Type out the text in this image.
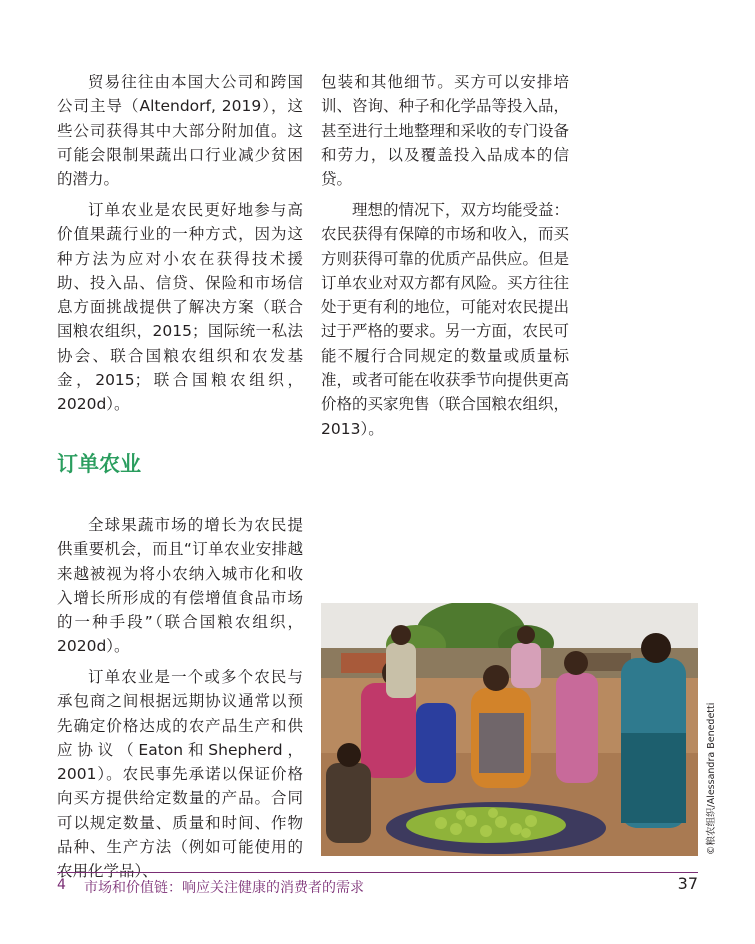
贸易往往由本国大公司和跨国公司主导（Altendorf, 2019），这些公司获得其中大部分附加值。这可能会限制果蔬出口行业减少贫困的潜力。

订单农业是农民更好地参与高价值果蔬行业的一种方式，因为这种方法为应对小农在获得技术援助、投入品、信贷、保险和市场信息方面挑战提供了解决方案（联合国粮农组织，2015；国际统一私法协会、联合国粮农组织和农发基金，2015；联合国粮农组织，2020d）。

包装和其他细节。买方可以安排培训、咨询、种子和化学品等投入品，甚至进行土地整理和采收的专门设备和劳力，以及覆盖投入品成本的信贷。

理想的情况下，双方均能受益：农民获得有保障的市场和收入，而买方则获得可靠的优质产品供应。但是订单农业对双方都有风险。买方往往处于更有利的地位，可能对农民提出过于严格的要求。另一方面，农民可能不履行合同规定的数量或质量标准，或者可能在收获季节向提供更高价格的买家兜售（联合国粮农组织，2013）。

订单农业

全球果蔬市场的增长为农民提供重要机会，而且“订单农业安排越来越被视为将小农纳入城市化和收入增长所形成的有偿增值食品市场的一种手段”（联合国粮农组织，2020d）。

订单农业是一个或多个农民与承包商之间根据远期协议通常以预先确定价格达成的农产品生产和供应协议（Eaton和Shepherd，2001）。农民事先承诺以保证价格向买方提供给定数量的产品。合同可以规定数量、质量和时间、作物品种、生产方法（例如可能使用的农用化学品）、

©粮农组织/Alessandra Benedetti
4 市场和价值链：响应关注健康的消费者的需求	37
